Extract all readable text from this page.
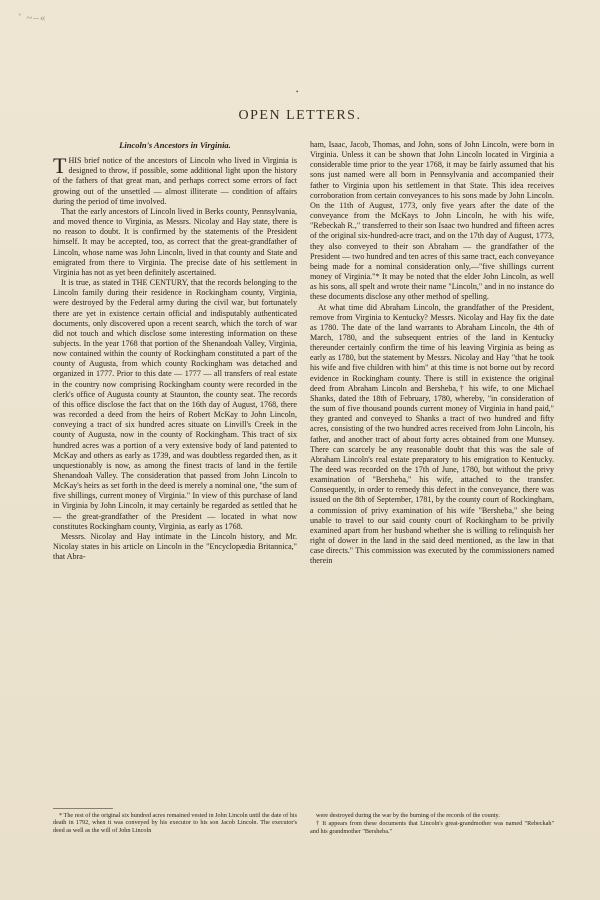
˚ ~–«
•
OPEN LETTERS.
Lincoln's Ancestors in Virginia.

THIS brief notice of the ancestors of Lincoln who lived in Virginia is designed to throw, if possible, some additional light upon the history of the fathers of that great man, and perhaps correct some errors of fact growing out of the unsettled — almost illiterate — condition of affairs during the period of time involved.

That the early ancestors of Lincoln lived in Berks county, Pennsylvania, and moved thence to Virginia, as Messrs. Nicolay and Hay state, there is no reason to doubt. It is confirmed by the statements of the President himself. It may be accepted, too, as correct that the great-grandfather of Lincoln, whose name was John Lincoln, lived in that county and State and emigrated from there to Virginia. The precise date of his settlement in Virginia has not as yet been definitely ascertained.

It is true, as stated in THE CENTURY, that the records belonging to the Lincoln family during their residence in Rockingham county, Virginia, were destroyed by the Federal army during the civil war, but fortunately there are yet in existence certain official and indisputably authenticated documents, only discovered upon a recent search, which the torch of war did not touch and which disclose some interesting information on these subjects. In the year 1768 that portion of the Shenandoah Valley, Virginia, now contained within the county of Rockingham constituted a part of the county of Augusta, from which county Rockingham was detached and organized in 1777. Prior to this date — 1777 — all transfers of real estate in the country now comprising Rockingham county were recorded in the clerk's office of Augusta county at Staunton, the county seat. The records of this office disclose the fact that on the 16th day of August, 1768, there was recorded a deed from the heirs of Robert McKay to John Lincoln, conveying a tract of six hundred acres situate on Linvill's Creek in the county of Augusta, now in the county of Rockingham. This tract of six hundred acres was a portion of a very extensive body of land patented to McKay and others as early as 1739, and was doubtless regarded then, as it unquestionably is now, as among the finest tracts of land in the fertile Shenandoah Valley. The consideration that passed from John Lincoln to McKay's heirs as set forth in the deed is merely a nominal one, "the sum of five shillings, current money of Virginia." In view of this purchase of land in Virginia by John Lincoln, it may certainly be regarded as settled that he — the great-grandfather of the President — located in what now constitutes Rockingham county, Virginia, as early as 1768.

Messrs. Nicolay and Hay intimate in the Lincoln history, and Mr. Nicolay states in his article on Lincoln in the "Encyclopædia Britannica," that Abra-

ham, Isaac, Jacob, Thomas, and John, sons of John Lincoln, were born in Virginia. Unless it can be shown that John Lincoln located in Virginia a considerable time prior to the year 1768, it may be fairly assumed that his sons just named were all born in Pennsylvania and accompanied their father to Virginia upon his settlement in that State. This idea receives corroboration from certain conveyances to his sons made by John Lincoln. On the 11th of August, 1773, only five years after the date of the conveyance from the McKays to John Lincoln, he with his wife, "Rebeckah R.," transferred to their son Isaac two hundred and fifteen acres of the original six-hundred-acre tract, and on the 17th day of August, 1773, they also conveyed to their son Abraham — the grandfather of the President — two hundred and ten acres of this same tract, each conveyance being made for a nominal consideration only,—"five shillings current money of Virginia."* It may be noted that the elder John Lincoln, as well as his sons, all spelt and wrote their name "Lincoln," and in no instance do these documents disclose any other method of spelling.

At what time did Abraham Lincoln, the grandfather of the President, remove from Virginia to Kentucky? Messrs. Nicolay and Hay fix the date as 1780. The date of the land warrants to Abraham Lincoln, the 4th of March, 1780, and the subsequent entries of the land in Kentucky thereunder certainly confirm the time of his leaving Virginia as being as early as 1780, but the statement by Messrs. Nicolay and Hay "that he took his wife and five children with him" at this time is not borne out by record evidence in Rockingham county. There is still in existence the original deed from Abraham Lincoln and Bersheba,† his wife, to one Michael Shanks, dated the 18th of February, 1780, whereby, "in consideration of the sum of five thousand pounds current money of Virginia in hand paid," they granted and conveyed to Shanks a tract of two hundred and fifty acres, consisting of the two hundred acres received from John Lincoln, his father, and another tract of about forty acres obtained from one Munsey. There can scarcely be any reasonable doubt that this was the sale of Abraham Lincoln's real estate preparatory to his emigration to Kentucky. The deed was recorded on the 17th of June, 1780, but without the privy examination of "Bersheba," his wife, attached to the transfer. Consequently, in order to remedy this defect in the conveyance, there was issued on the 8th of September, 1781, by the county court of Rockingham, a commission of privy examination of his wife "Bersheba," she being unable to travel to our said county court of Rockingham to be privily examined apart from her husband whether she is willing to relinquish her right of dower in the land in the said deed mentioned, as the law in that case directs." This commission was executed by the commissioners named therein

* The rest of the original six hundred acres remained vested in John Lincoln until the date of his death in 1792, when it was conveyed by his executor to his son Jacob Lincoln. The executor's deed as well as the will of John Lincoln

were destroyed during the war by the burning of the records of the county.

† It appears from these documents that Lincoln's great-grandmother was named "Rebeckah" and his grandmother "Bersheba."
